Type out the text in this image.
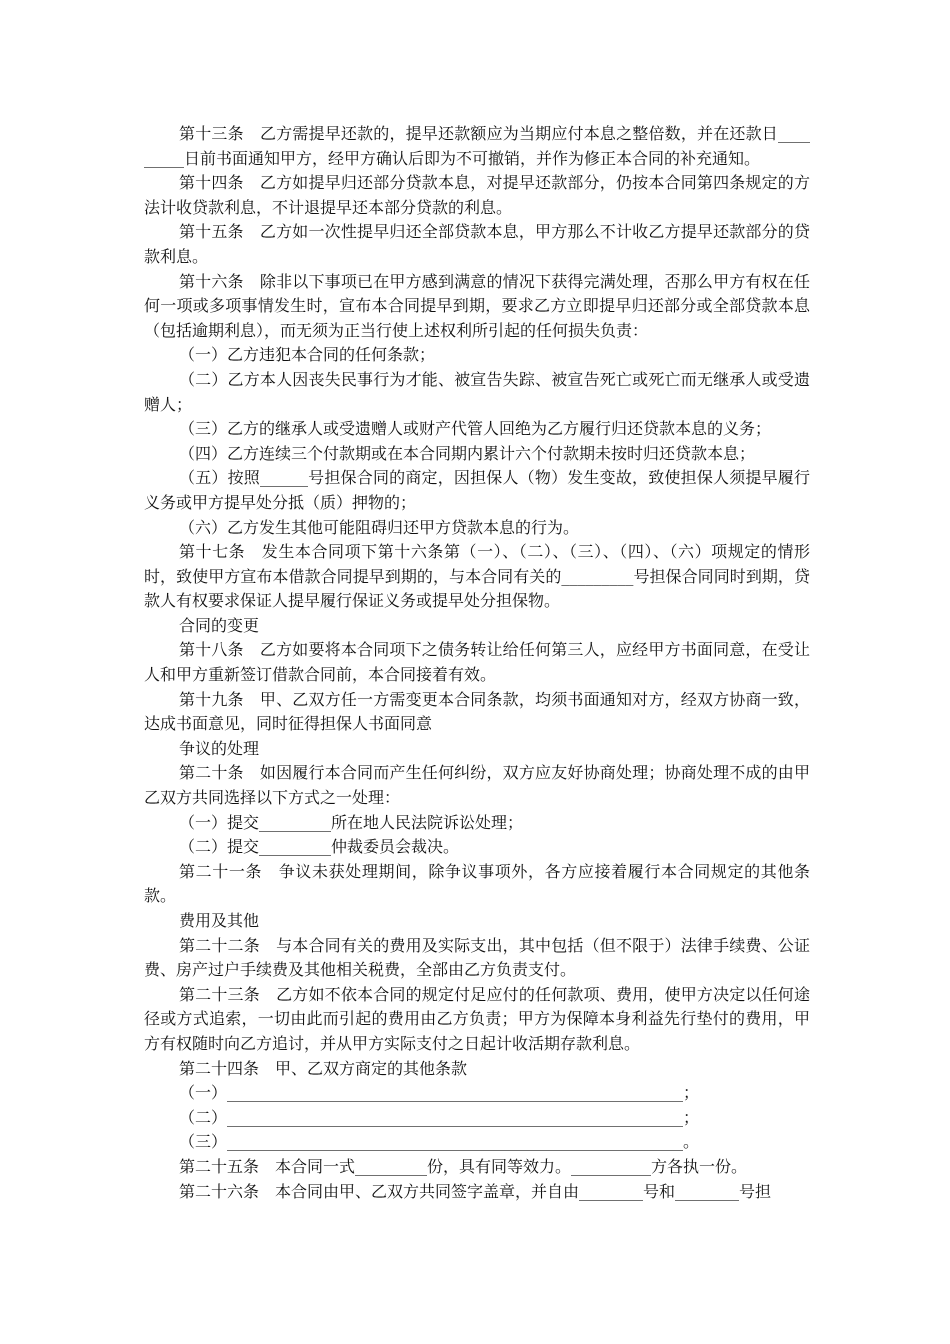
第十三条　乙方需提早还款的，提早还款额应为当期应付本息之整倍数，并在还款日_________日前书面通知甲方，经甲方确认后即为不可撤销，并作为修正本合同的补充通知。

第十四条　乙方如提早归还部分贷款本息，对提早还款部分，仍按本合同第四条规定的方法计收贷款利息，不计退提早还本部分贷款的利息。

第十五条　乙方如一次性提早归还全部贷款本息，甲方那么不计收乙方提早还款部分的贷款利息。

第十六条　除非以下事项已在甲方感到满意的情况下获得完满处理，否那么甲方有权在任何一项或多项事情发生时，宣布本合同提早到期，要求乙方立即提早归还部分或全部贷款本息（包括逾期利息），而无须为正当行使上述权利所引起的任何损失负责：

（一）乙方违犯本合同的任何条款；

（二）乙方本人因丧失民事行为才能、被宣告失踪、被宣告死亡或死亡而无继承人或受遗赠人；

（三）乙方的继承人或受遗赠人或财产代管人回绝为乙方履行归还贷款本息的义务；

（四）乙方连续三个付款期或在本合同期内累计六个付款期未按时归还贷款本息；

（五）按照______号担保合同的商定，因担保人（物）发生变故，致使担保人须提早履行义务或甲方提早处分抵（质）押物的；

（六）乙方发生其他可能阻碍归还甲方贷款本息的行为。

第十七条　发生本合同项下第十六条第（一）、（二）、（三）、（四）、（六）项规定的情形时，致使甲方宣布本借款合同提早到期的，与本合同有关的_________号担保合同同时到期，贷款人有权要求保证人提早履行保证义务或提早处分担保物。

合同的变更

第十八条　乙方如要将本合同项下之债务转让给任何第三人，应经甲方书面同意，在受让人和甲方重新签订借款合同前，本合同接着有效。

第十九条　甲、乙双方任一方需变更本合同条款，均须书面通知对方，经双方协商一致，达成书面意见，同时征得担保人书面同意

争议的处理

第二十条　如因履行本合同而产生任何纠纷，双方应友好协商处理；协商处理不成的由甲乙双方共同选择以下方式之一处理：

（一）提交_________所在地人民法院诉讼处理；

（二）提交_________仲裁委员会裁决。

第二十一条　争议未获处理期间，除争议事项外，各方应接着履行本合同规定的其他条款。

费用及其他

第二十二条　与本合同有关的费用及实际支出，其中包括（但不限于）法律手续费、公证费、房产过户手续费及其他相关税费，全部由乙方负责支付。

第二十三条　乙方如不依本合同的规定付足应付的任何款项、费用，使甲方决定以任何途径或方式追索，一切由此而引起的费用由乙方负责；甲方为保障本身利益先行垫付的费用，甲方有权随时向乙方追讨，并从甲方实际支付之日起计收活期存款利息。

第二十四条　甲、乙双方商定的其他条款

（一）_________________________________________________________；

（二）_________________________________________________________；

（三）_________________________________________________________。

第二十五条　本合同一式_________份，具有同等效力。__________方各执一份。

第二十六条　本合同由甲、乙双方共同签字盖章，并自由________号和________号担
